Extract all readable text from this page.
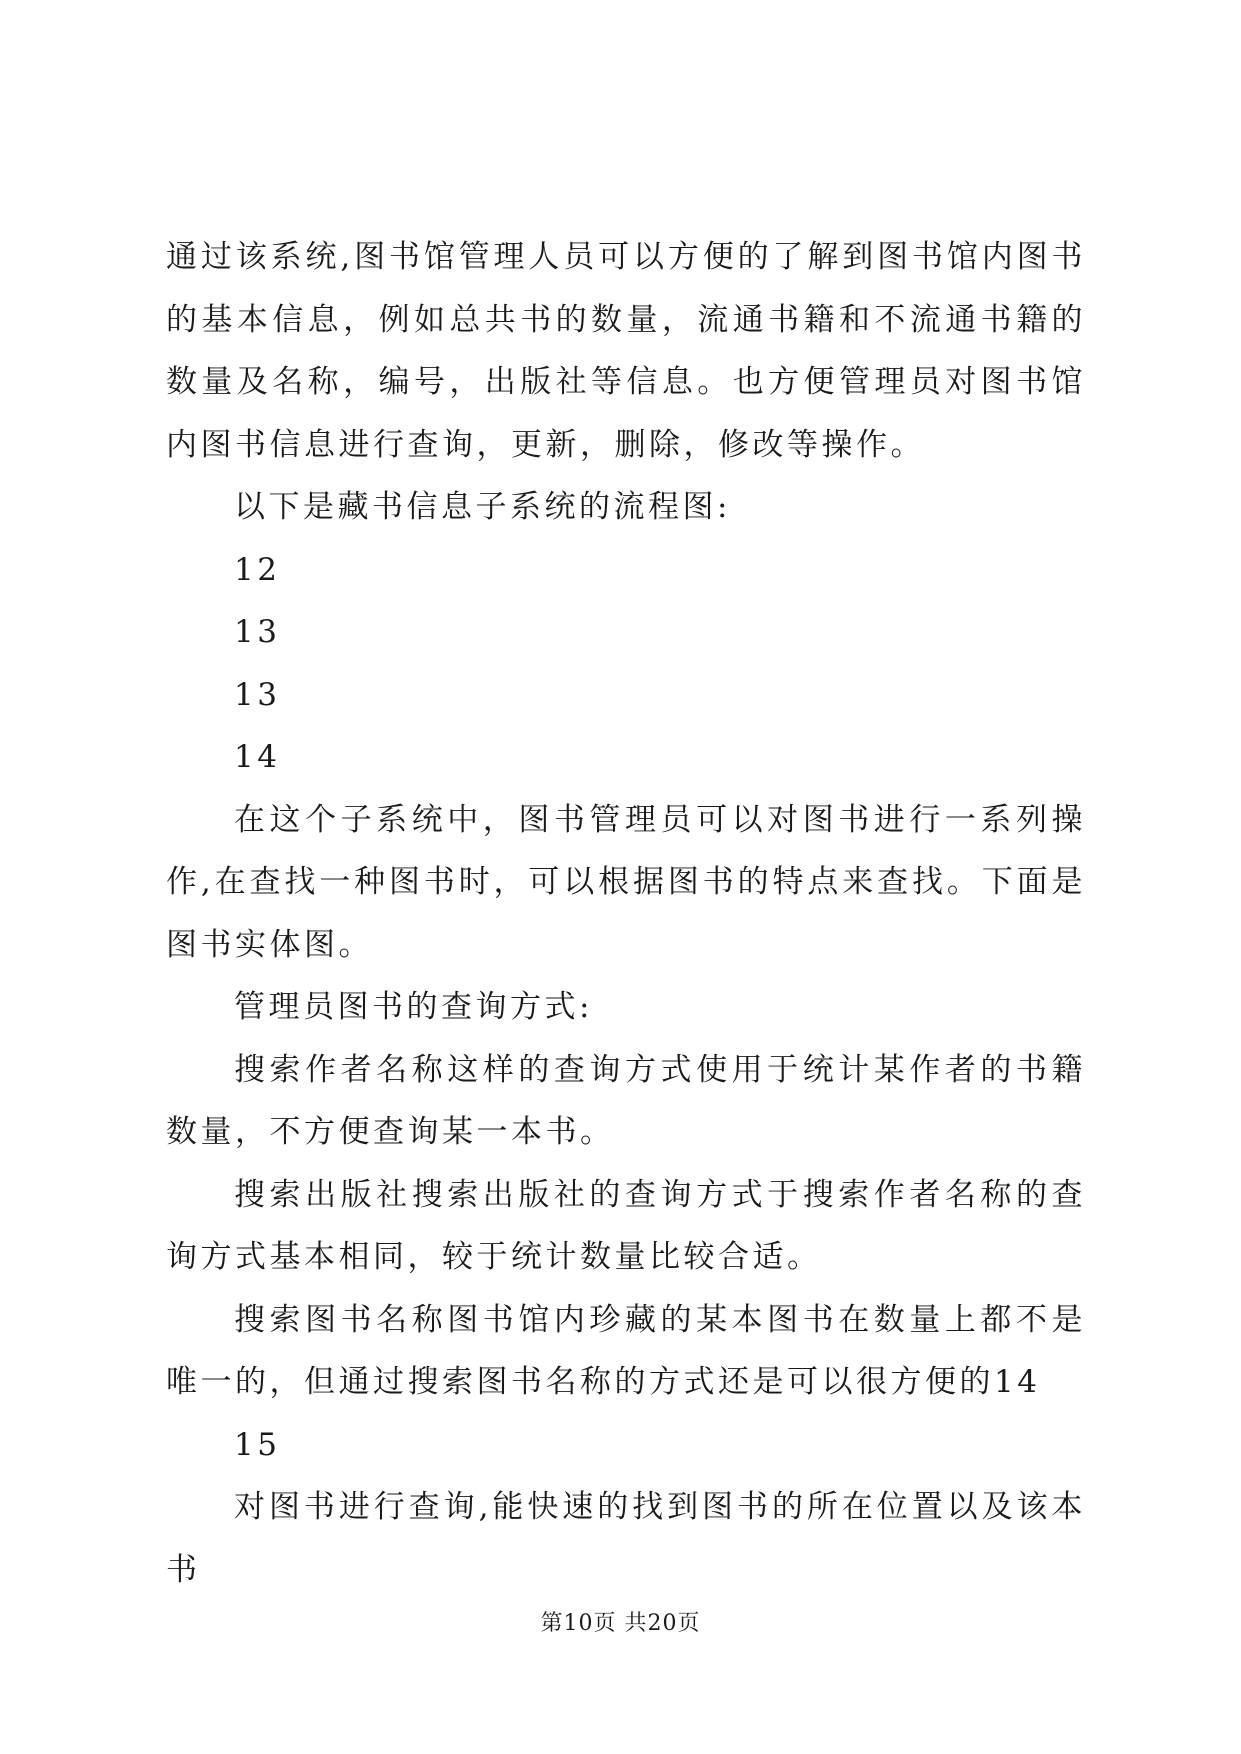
通过该系统,图书馆管理人员可以方便的了解到图书馆内图书的基本信息，例如总共书的数量，流通书籍和不流通书籍的数量及名称，编号，出版社等信息。也方便管理员对图书馆内图书信息进行查询，更新，删除，修改等操作。

以下是藏书信息子系统的流程图:

12

13

13

14

在这个子系统中，图书管理员可以对图书进行一系列操作,在查找一种图书时，可以根据图书的特点来查找。下面是图书实体图。

管理员图书的查询方式:

搜索作者名称这样的查询方式使用于统计某作者的书籍数量，不方便查询某一本书。

搜索出版社搜索出版社的查询方式于搜索作者名称的查询方式基本相同，较于统计数量比较合适。

搜索图书名称图书馆内珍藏的某本图书在数量上都不是唯一的，但通过搜索图书名称的方式还是可以很方便的14

15

对图书进行查询,能快速的找到图书的所在位置以及该本书

第10页 共20页
